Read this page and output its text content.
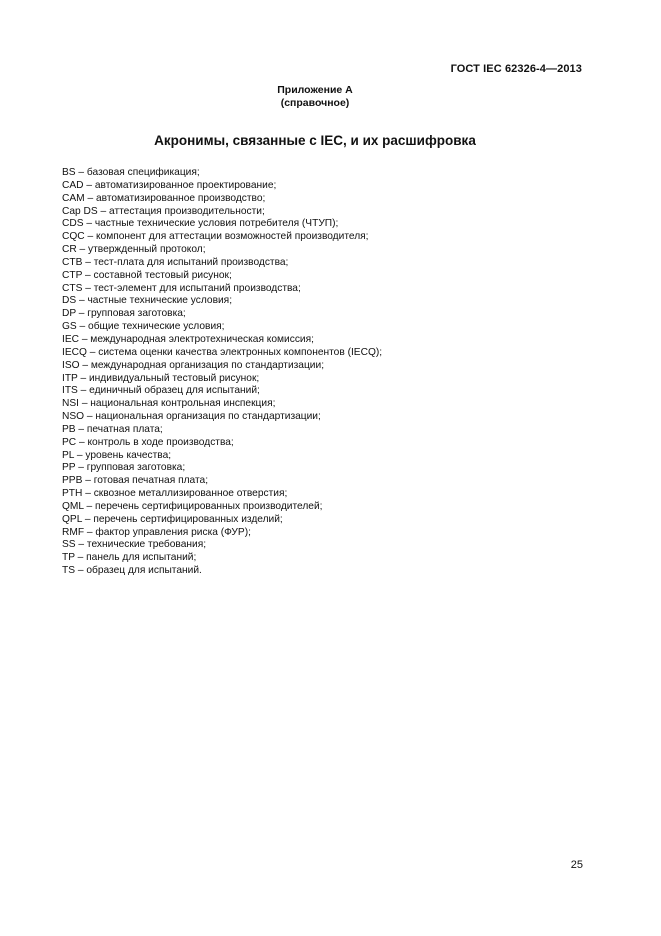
ГОСТ IEC 62326-4—2013
Приложение А
(справочное)
Акронимы, связанные с IEC, и их расшифровка
BS – базовая спецификация;
CAD – автоматизированное проектирование;
CAM – автоматизированное производство;
Cap DS – аттестация производительности;
CDS – частные технические условия потребителя (ЧТУП);
CQC – компонент для аттестации возможностей производителя;
CR – утвержденный протокол;
CTB – тест-плата для испытаний производства;
CTP – составной тестовый рисунок;
CTS – тест-элемент для испытаний производства;
DS – частные технические условия;
DP – групповая заготовка;
GS – общие технические условия;
IEC – международная электротехническая комиссия;
IECQ – система оценки качества электронных компонентов (IECQ);
ISO – международная организация по стандартизации;
ITP – индивидуальный тестовый рисунок;
ITS – единичный образец для испытаний;
NSI – национальная контрольная инспекция;
NSO – национальная организация по стандартизации;
PB – печатная плата;
PC – контроль в ходе производства;
PL – уровень качества;
PP – групповая заготовка;
PPB – готовая печатная плата;
PTH – сквозное металлизированное отверстия;
QML – перечень сертифицированных производителей;
QPL – перечень сертифицированных изделий;
RMF – фактор управления риска (ФУР);
SS – технические требования;
TP – панель для испытаний;
TS – образец для испытаний.
25
